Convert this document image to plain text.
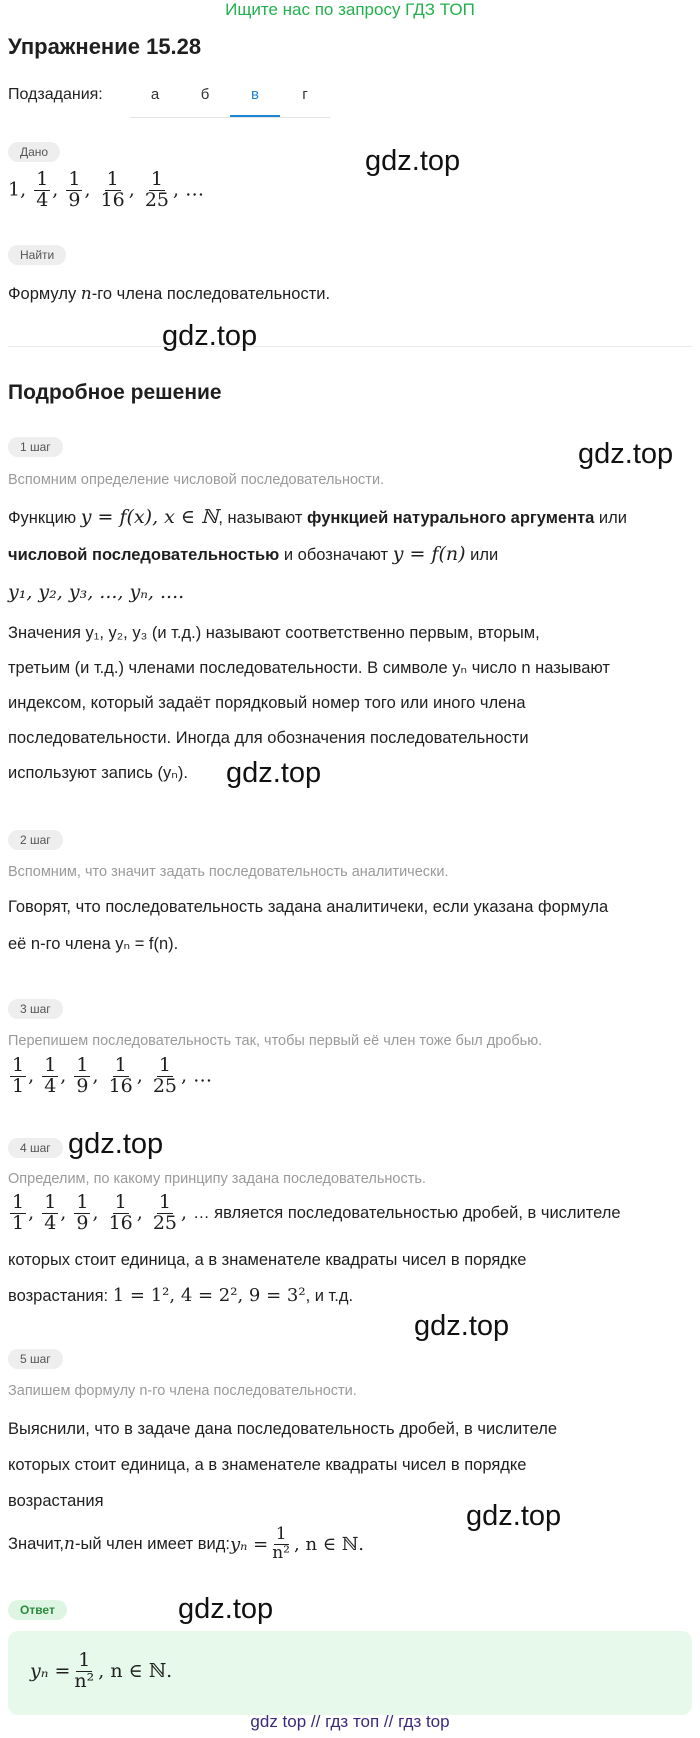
Ищите нас по запросу ГДЗ ТОП
Упражнение 15.28
Подзадания:	а	б	в	г
Дано
1, $\frac{1}{4}$ , $\frac{1}{9}$ , $\frac{1}{16}$ , $\frac{1}{25}$ , …
Найти
Формулу n-го члена последовательности.
Подробное решение
1 шаг
Вспомним определение числовой последовательности.
Функцию y = f(x), x ∈ ℕ, называют функцией натурального аргумента или
числовой последовательностью и обозначают y = f(n) или
y₁, y₂, y₃, ..., yₙ, ....
Значения y₁, y₂, y₃ (и т.д.) называют соответственно первым, вторым,
третьим (и т.д.) членами последовательности. В символе yₙ число n называют
индексом, который задаёт порядковый номер того или иного члена
последовательности. Иногда для обозначения последовательности
используют запись (yₙ).
2 шаг
Вспомним, что значит задать последовательность аналитически.
Говорят, что последовательность задана аналитичеки, если указана формула
её n-го члена yₙ = f(n).
3 шаг
Перепишем последовательность так, чтобы первый её член тоже был дробью.
$\frac{1}{1}$ , $\frac{1}{4}$ , $\frac{1}{9}$ , $\frac{1}{16}$ , $\frac{1}{25}$ , …
4 шаг
Определим, по какому принципу задана последовательность.
$\frac{1}{1}$ , $\frac{1}{4}$ , $\frac{1}{9}$ , $\frac{1}{16}$ , $\frac{1}{25}$ , … является последовательностью дробей, в числителе
которых стоит единица, а в знаменателе квадраты чисел в порядке
возрастания: 1 = 1², 4 = 2², 9 = 3², и т.д.
5 шаг
Запишем формулу n-го члена последовательности.
Выяснили, что в задаче дана последовательность дробей, в числителе
которых стоит единица, а в знаменателе квадраты чисел в порядке
возрастания
Значит, n -ый член имеет вид: $y_n = \frac{1}{\text{n²}}$ , n ∈ ℕ.
Ответ
$y_n = \frac{1}{\text{n²}}$ , n ∈ ℕ.
gdz.top
gdz.top
gdz.top
gdz.top
gdz.top
gdz.top
gdz.top
gdz.top
gdz top // гдз топ // гдз top
